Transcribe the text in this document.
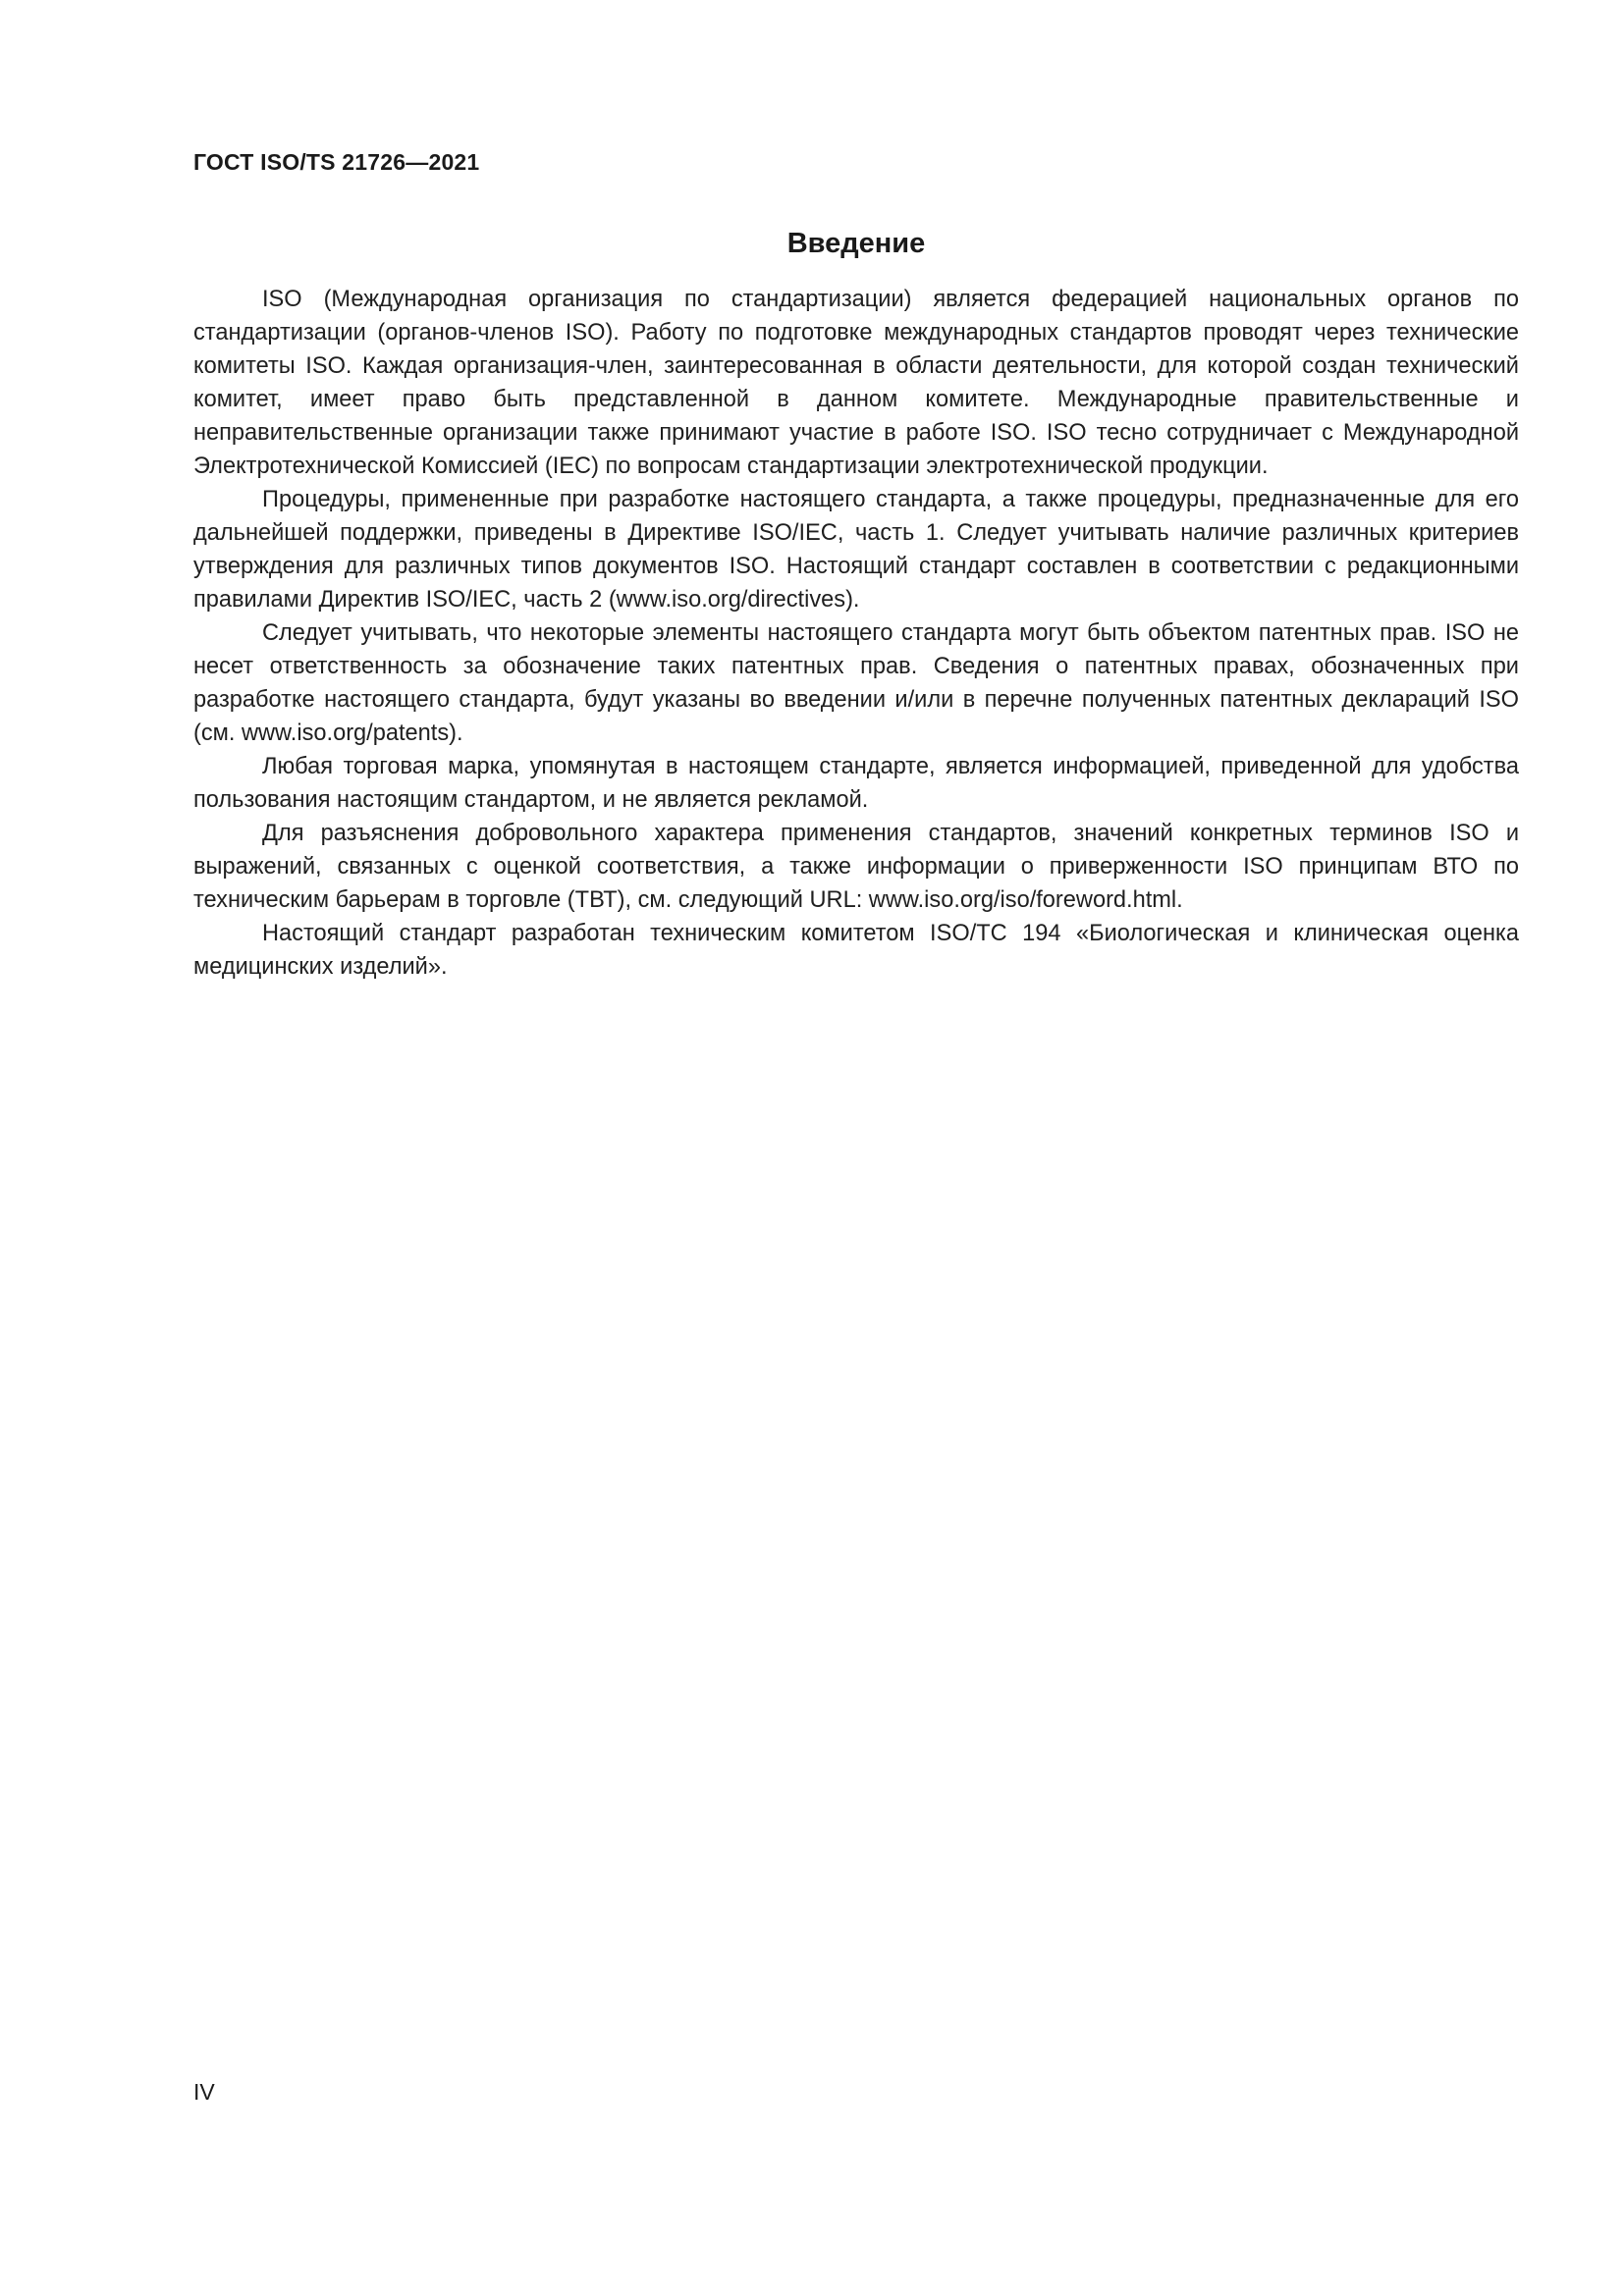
ГОСТ ISO/TS 21726—2021
Введение

ISO (Международная организация по стандартизации) является федерацией национальных органов по стандартизации (органов-членов ISO). Работу по подготовке международных стандартов проводят через технические комитеты ISO. Каждая организация-член, заинтересованная в области деятельности, для которой создан технический комитет, имеет право быть представленной в данном комитете. Международные правительственные и неправительственные организации также принимают участие в работе ISO. ISO тесно сотрудничает с Международной Электротехнической Комиссией (IEC) по вопросам стандартизации электротехнической продукции.

Процедуры, примененные при разработке настоящего стандарта, а также процедуры, предназначенные для его дальнейшей поддержки, приведены в Директиве ISO/IEC, часть 1. Следует учитывать наличие различных критериев утверждения для различных типов документов ISO. Настоящий стандарт составлен в соответствии с редакционными правилами Директив ISO/IEC, часть 2 (www.iso.org/directives).

Следует учитывать, что некоторые элементы настоящего стандарта могут быть объектом патентных прав. ISO не несет ответственность за обозначение таких патентных прав. Сведения о патентных правах, обозначенных при разработке настоящего стандарта, будут указаны во введении и/или в перечне полученных патентных деклараций ISO (см. www.iso.org/patents).

Любая торговая марка, упомянутая в настоящем стандарте, является информацией, приведенной для удобства пользования настоящим стандартом, и не является рекламой.

Для разъяснения добровольного характера применения стандартов, значений конкретных терминов ISO и выражений, связанных с оценкой соответствия, а также информации о приверженности ISO принципам ВТО по техническим барьерам в торговле (ТВТ), см. следующий URL: www.iso.org/iso/foreword.html.

Настоящий стандарт разработан техническим комитетом ISO/TC 194 «Биологическая и клиническая оценка медицинских изделий».

IV
